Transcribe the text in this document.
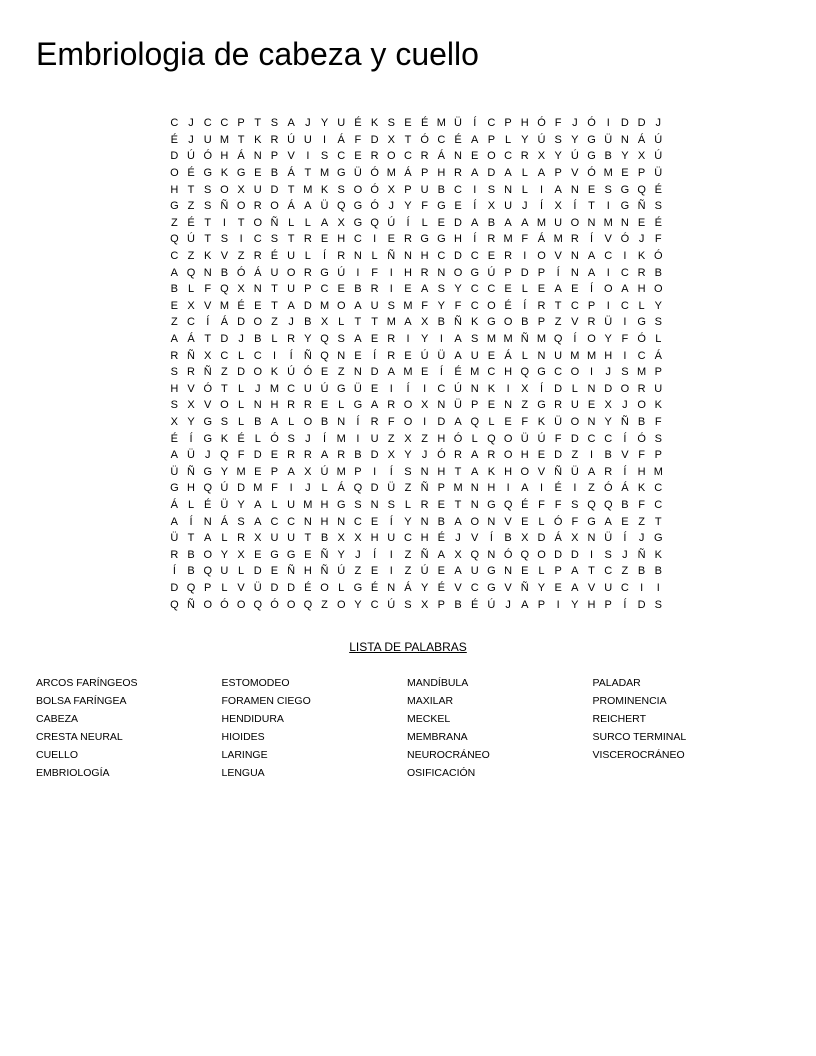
Embriologia de cabeza y cuello
C J C C P T S A J Y U É K S E É M Ü	Í	C P H Ó F J Ó I	D D J
É J U M T K R Ú U	I	Á F D X T Ó C É A P L Y Ú S Y G Ü N Á Ú
D Ú Ó H Á N P V	I	S C E R O C R Á N E O C R X Y Ú G B Y X Ú
O É G K G E B Á T M G Ü Ó M Á P H R A D A L A P V Ó M E P Ü
H T S O X U D T M K S O Ó X P U B C	I	S N L	I	A N E S G Q É
G Z S Ñ O R O Á A Ü Q G Ó J Y F G E	Í	X U J	Í	X	Í	T	I G Ñ S
Z É T	I	T O Ñ L L A X G Q Ú	Í	L E D A B A A M U O N M N E É
Q Ú T S	I	C S T R E H C	I	E R G G H	Í	R M F Á M R	Í	V Ó J F
C Z K V Z R É U L	Í	R N L Ñ N H C D C E R	I O V N A C	I	K Ó
A Q N B Ó Á U O R G Ú	I	F	I	H R N O G Ú P D P	Í	N A	I	C R B
B L F Q X N T U P C E B R	I	E A S Y C C E L E A E	Í O A H O
E X V M É E T A D M O A U S M F Y F C O É	Í	R T C P	I	C L Y
Z C	Í	Á D O Z J B X L T T M A X B Ñ K G O B P Z V R Ü	I G S
A Á T D J B L R Y Q S A E R	I	Y	I	A S M M Ñ M Q Í O Y F Ó L
R Ñ X C L C	I	Í	Ñ Q N E	Í	R E Ú Ü A U E Á L N U M M H	I	C Á
S R Ñ Z D O K Ú Ó E Z N D A M E	Í	É M C H Q G C O I	J S M P
H V Ó T L J M C U Ú G Ü E	I	Í	I	C Ú N K	I	X	Í	D L N D O R U
S X V O L N H R R E L G A R O X N Ü P E N Z G R U E X J O K
X Y G S L B A L O B N	Í	R F O I	D A Q L E F K Ü O N Y Ñ B F
É	Í G K É L Ó S J	Í M I	U Z X Z H Ó L Q O Ü Ú F D C C	Í Ó S
A Ü J Q F D E R R A R B D X Y J Ó R A R O H E D Z	I	B V F P
Ü Ñ G Y M E P A X Ú M P	I	Í	S N H T A K H O V Ñ Ü A R	Í	H M
G H Q Ú D M F	I	J L Á Q D Ü Z Ñ P M N H	I	A	I	É	I	Z Ó Á K C
Á L É Ü Y A L U M H G S N S L R E T N G Q É F F S Q Q B F C
A	Í	N Á S A C C N H N C E	Í	Y N B A O N V E L Ó F G A E Z T
Ü T A L R X U U T B X X H U C H É J V	Í	B X D Á X N Ü	Í	J G
R B O Y X E G G E Ñ Y J	Í	I	Z Ñ A X Q N Ó Q O D D	I	S J Ñ K
Í	B Q U L D E Ñ H Ñ Ú Z E	I	Z Ú E A U G N E L P A T C Z B B
D Q P L V Ü D D É O L G É N Á Y É V C G V Ñ Y E A V U C	I	I
Q Ñ O Ó O Q Ó O Q Z O Y C Ú S X P B É Ú J A P	I	Y H P	Í	D S
LISTA DE PALABRAS
ARCOS FARÍNGEOS
BOLSA FARÍNGEA
CABEZA
CRESTA NEURAL
CUELLO
EMBRIOLOGÍA
ESTOMODEO
FORAMEN CIEGO
HENDIDURA
HIOIDES
LARINGE
LENGUA
MANDÍBULA
MAXILAR
MECKEL
MEMBRANA
NEUROCRÁNEO
OSIFICACIÓN
PALADAR
PROMINENCIA
REICHERT
SURCO TERMINAL
VISCEROCRÁNEO
